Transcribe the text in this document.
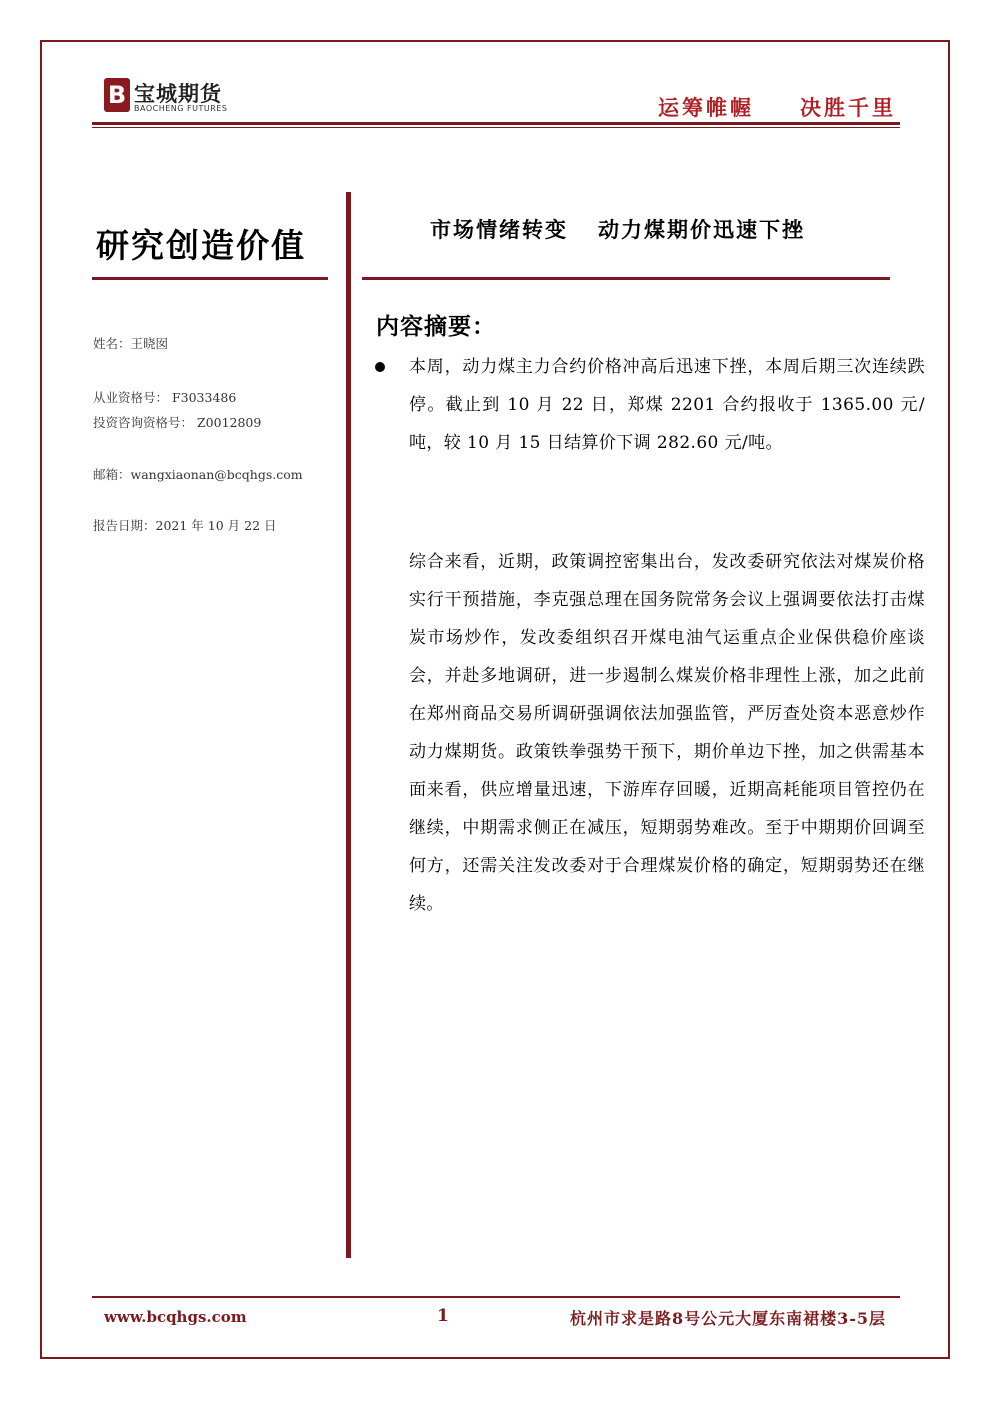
B 宝城期货
BAOCHENG FUTURES	运筹帷幄 决胜千里
研究创造价值
姓名：王晓囡
从业资格号： F3033486
投资咨询资格号： Z0012809
邮箱：wangxiaonan@bcqhgs.com
报告日期：2021 年 10 月 22 日
市场情绪转变 动力煤期价迅速下挫
内容摘要：

本周，动力煤主力合约价格冲高后迅速下挫，本周后期三次连续跌停。截止到 10 月 22 日，郑煤 2201 合约报收于 1365.00 元/吨，较 10 月 15 日结算价下调 282.60 元/吨。

综合来看，近期，政策调控密集出台，发改委研究依法对煤炭价格实行干预措施，李克强总理在国务院常务会议上强调要依法打击煤炭市场炒作，发改委组织召开煤电油气运重点企业保供稳价座谈会，并赴多地调研，进一步遏制么煤炭价格非理性上涨，加之此前在郑州商品交易所调研强调依法加强监管，严厉查处资本恶意炒作动力煤期货。政策铁拳强势干预下，期价单边下挫，加之供需基本面来看，供应增量迅速，下游库存回暖，近期高耗能项目管控仍在继续，中期需求侧正在减压，短期弱势难改。至于中期期价回调至何方，还需关注发改委对于合理煤炭价格的确定，短期弱势还在继续。

www.bcqhgs.com	1	杭州市求是路8号公元大厦东南裙楼3-5层
